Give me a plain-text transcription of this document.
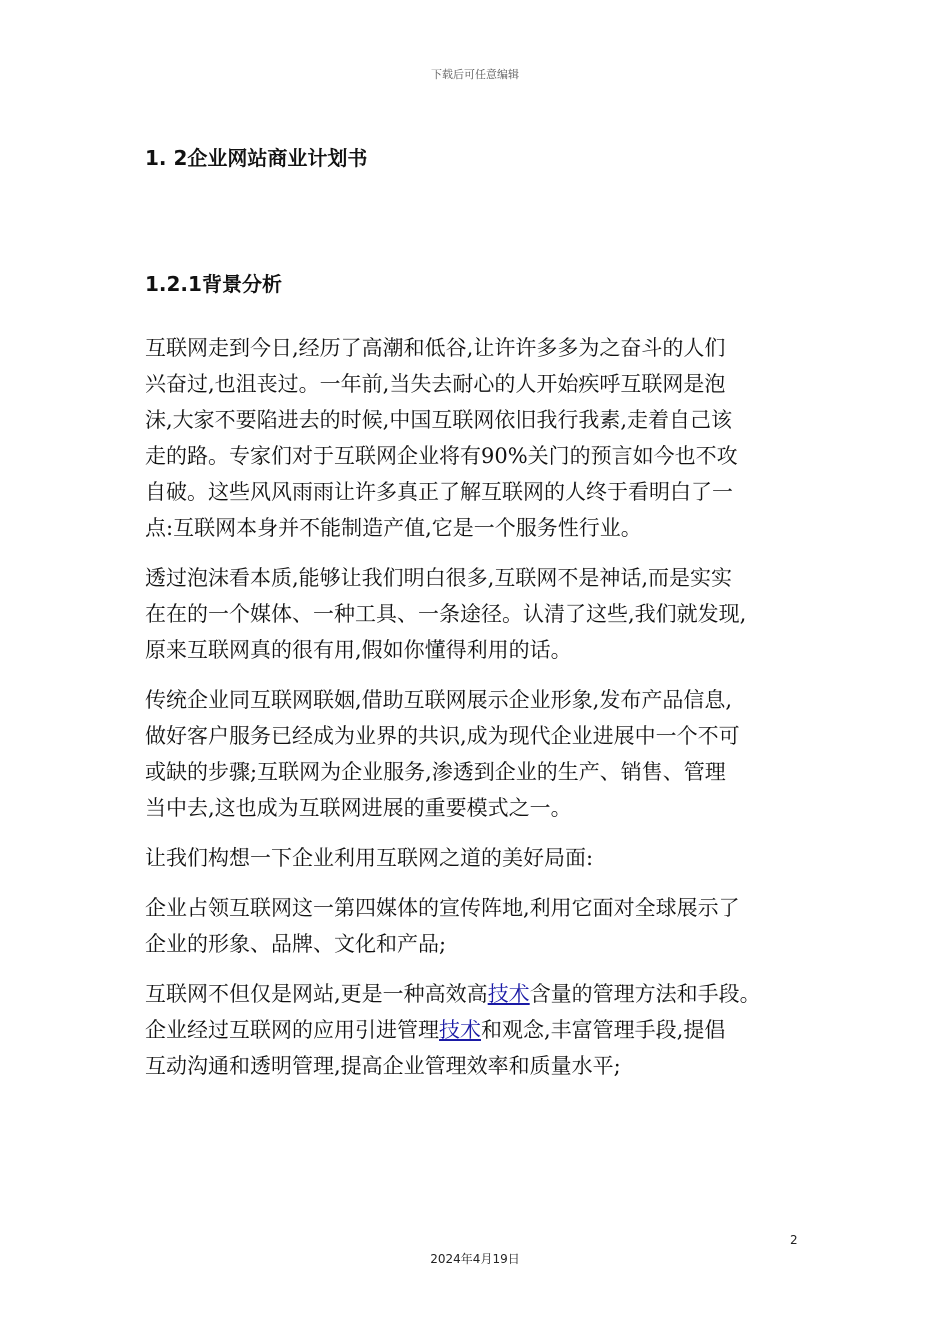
下载后可任意编辑
1. 2企业网站商业计划书
1.2.1背景分析

互联网走到今日,经历了高潮和低谷,让许许多多为之奋斗的人们
兴奋过,也沮丧过。一年前,当失去耐心的人开始疾呼互联网是泡
沫,大家不要陷进去的时候,中国互联网依旧我行我素,走着自己该
走的路。专家们对于互联网企业将有90%关门的预言如今也不攻
自破。这些风风雨雨让许多真正了解互联网的人终于看明白了一
点:互联网本身并不能制造产值,它是一个服务性行业。

透过泡沫看本质,能够让我们明白很多,互联网不是神话,而是实实
在在的一个媒体、一种工具、一条途径。认清了这些,我们就发现,
原来互联网真的很有用,假如你懂得利用的话。

传统企业同互联网联姻,借助互联网展示企业形象,发布产品信息,
做好客户服务已经成为业界的共识,成为现代企业进展中一个不可
或缺的步骤;互联网为企业服务,渗透到企业的生产、销售、管理
当中去,这也成为互联网进展的重要模式之一。

让我们构想一下企业利用互联网之道的美好局面:

企业占领互联网这一第四媒体的宣传阵地,利用它面对全球展示了
企业的形象、品牌、文化和产品;

互联网不但仅是网站,更是一种高效高技术含量的管理方法和手段。
企业经过互联网的应用引进管理技术和观念,丰富管理手段,提倡
互动沟通和透明管理,提高企业管理效率和质量水平;

2
2024年4月19日
